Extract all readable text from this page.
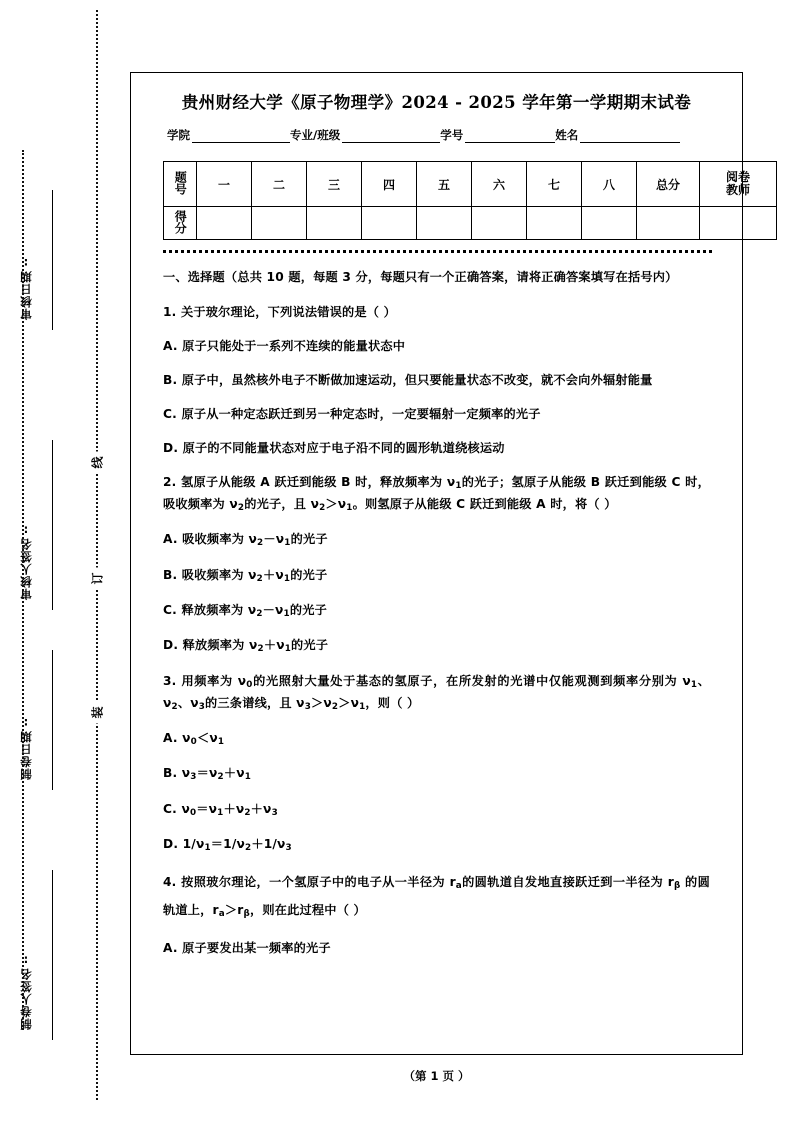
审核日期:
审核人签名:
制卷日期:
制卷人签名:
线
订
装
贵州财经大学《原子物理学》2024 - 2025 学年第一学期期末试卷
学院	专业/班级	学号	姓名
题号	一	二	三	四	五	六	七	八	总分	阅卷
教师

得分										
一、选择题（总共 10 题，每题 3 分，每题只有一个正确答案，请将正确答案填写在括号内）
1. 关于玻尔理论，下列说法错误的是（ ）
A. 原子只能处于一系列不连续的能量状态中
B. 原子中，虽然核外电子不断做加速运动，但只要能量状态不改变，就不会向外辐射能量
C. 原子从一种定态跃迁到另一种定态时，一定要辐射一定频率的光子
D. 原子的不同能量状态对应于电子沿不同的圆形轨道绕核运动
2. 氢原子从能级 A 跃迁到能级 B 时，释放频率为 $\nu_1$的光子；氢原子从能级 B 跃迁到能级 C 时，吸收频率为 $\nu_2$的光子，且 $\nu_2>\nu_1$。则氢原子从能级 C 跃迁到能级 A 时，将（ ）
A. 吸收频率为 $\nu_2-\nu_1$的光子
B. 吸收频率为 $\nu_2+\nu_1$的光子
C. 释放频率为 $\nu_2-\nu_1$的光子
D. 释放频率为 $\nu_2+\nu_1$的光子
3. 用频率为 $\nu_0$的光照射大量处于基态的氢原子，在所发射的光谱中仅能观测到频率分别为 $\nu_1$、$\nu_2$、$\nu_3$的三条谱线，且 $\nu_3>\nu_2>\nu_1$，则（ ）
A. $\nu_0<\nu_1$
B. $\nu_3=\nu_2+\nu_1$
C. $\nu_0=\nu_1+\nu_2+\nu_3$
D. $1/\nu_1=1/\nu_2+1/\nu_3$
4. 按照玻尔理论，一个氢原子中的电子从一半径为 $r_a$的圆轨道自发地直接跃迁到一半径为 $r_\beta$ 的圆轨道上，$r_a>r_\beta$，则在此过程中（ ）
A. 原子要发出某一频率的光子
（第 1 页 ）
